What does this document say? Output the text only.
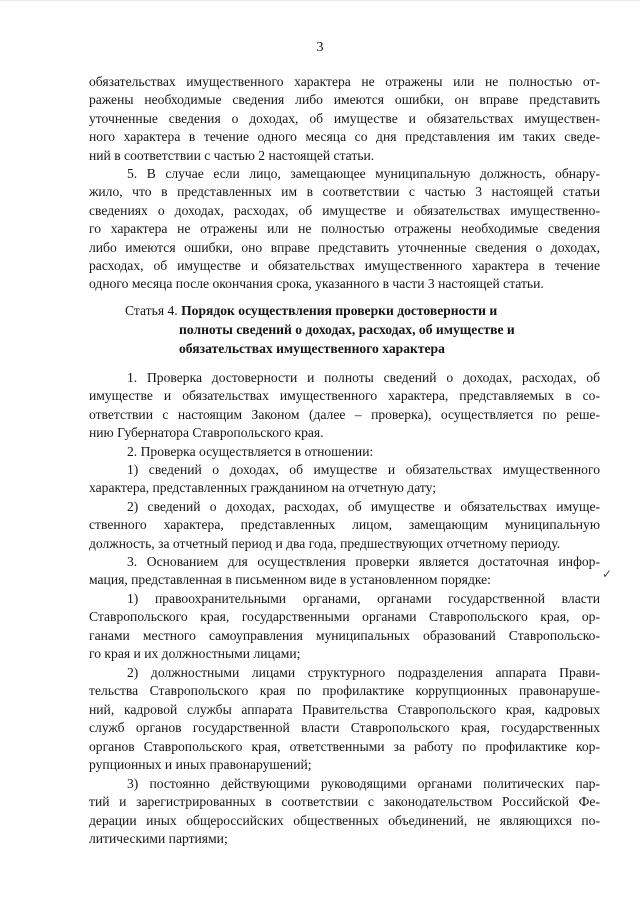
3
обязательствах имущественного характера не отражены или не полностью от-
ражены необходимые сведения либо имеются ошибки, он вправе представить
уточненные сведения о доходах, об имуществе и обязательствах имуществен-
ного характера в течение одного месяца со дня представления им таких сведе-
ний в соответствии с частью 2 настоящей статьи.
5. В случае если лицо, замещающее муниципальную должность, обнару-
жило, что в представленных им в соответствии с частью 3 настоящей статьи
сведениях о доходах, расходах, об имуществе и обязательствах имущественно-
го характера не отражены или не полностью отражены необходимые сведения
либо имеются ошибки, оно вправе представить уточненные сведения о доходах,
расходах, об имуществе и обязательствах имущественного характера в течение
одного месяца после окончания срока, указанного в части 3 настоящей статьи.
Статья 4. Порядок осуществления проверки достоверности и
полноты сведений о доходах, расходах, об имуществе и
обязательствах имущественного характера
1. Проверка достоверности и полноты сведений о доходах, расходах, об
имуществе и обязательствах имущественного характера, представляемых в со-
ответствии с настоящим Законом (далее – проверка), осуществляется по реше-
нию Губернатора Ставропольского края.
2. Проверка осуществляется в отношении:
1) сведений о доходах, об имуществе и обязательствах имущественного
характера, представленных гражданином на отчетную дату;
2) сведений о доходах, расходах, об имуществе и обязательствах имуще-
ственного характера, представленных лицом, замещающим муниципальную
должность, за отчетный период и два года, предшествующих отчетному периоду.
3. Основанием для осуществления проверки является достаточная инфор-
мация, представленная в письменном виде в установленном порядке:	✓
1) правоохранительными органами, органами государственной власти
Ставропольского края, государственными органами Ставропольского края, ор-
ганами местного самоуправления муниципальных образований Ставропольско-
го края и их должностными лицами;
2) должностными лицами структурного подразделения аппарата Прави-
тельства Ставропольского края по профилактике коррупционных правонаруше-
ний, кадровой службы аппарата Правительства Ставропольского края, кадровых
служб органов государственной власти Ставропольского края, государственных
органов Ставропольского края, ответственными за работу по профилактике кор-
рупционных и иных правонарушений;
3) постоянно действующими руководящими органами политических пар-
тий и зарегистрированных в соответствии с законодательством Российской Фе-
дерации иных общероссийских общественных объединений, не являющихся по-
литическими партиями;
